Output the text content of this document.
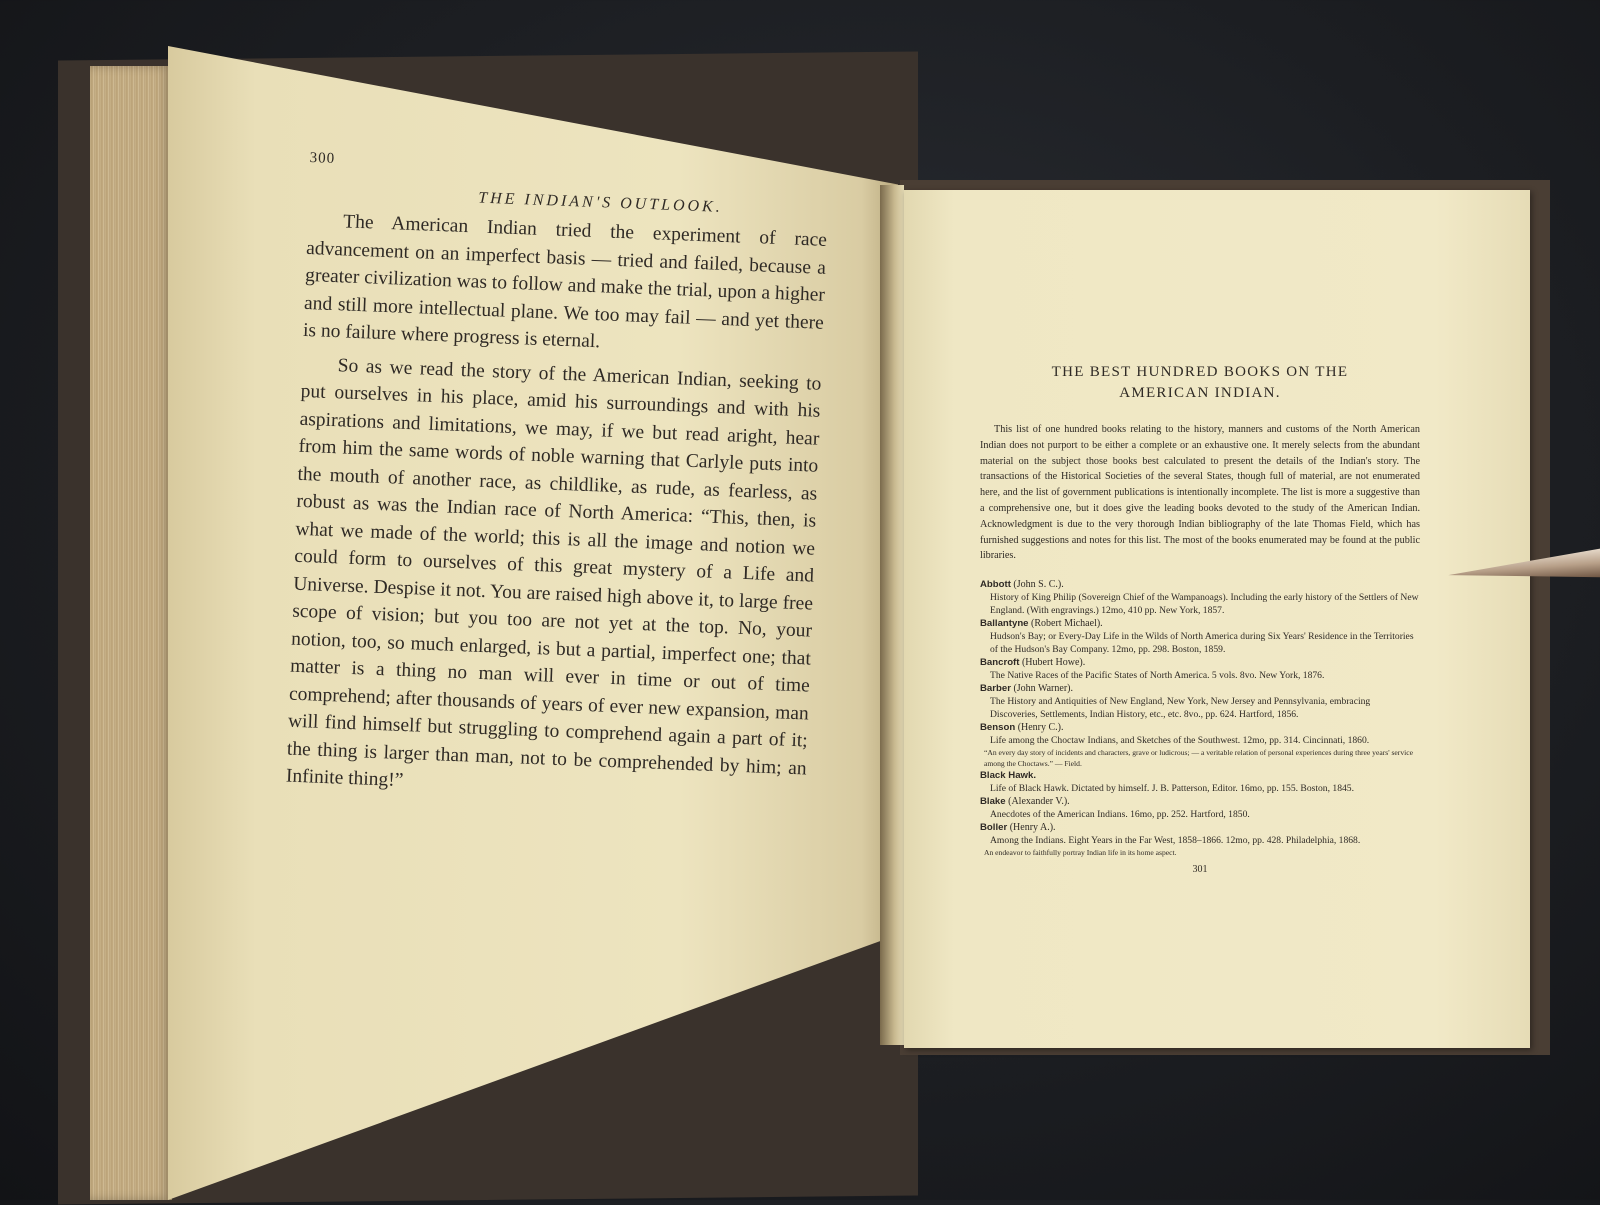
300
THE INDIAN'S OUTLOOK.

The American Indian tried the experiment of race advancement on an imperfect basis — tried and failed, because a greater civilization was to follow and make the trial, upon a higher and still more intellectual plane. We too may fail — and yet there is no failure where progress is eternal.

So as we read the story of the American Indian, seeking to put ourselves in his place, amid his surroundings and with his aspirations and limitations, we may, if we but read aright, hear from him the same words of noble warning that Carlyle puts into the mouth of another race, as childlike, as rude, as fearless, as robust as was the Indian race of North America: “This, then, is what we made of the world; this is all the image and notion we could form to ourselves of this great mystery of a Life and Universe. Despise it not. You are raised high above it, to large free scope of vision; but you too are not yet at the top. No, your notion, too, so much enlarged, is but a partial, imperfect one; that matter is a thing no man will ever in time or out of time comprehend; after thousands of years of ever new expansion, man will find himself but struggling to comprehend again a part of it; the thing is larger than man, not to be comprehended by him; an Infinite thing!”

THE BEST HUNDRED BOOKS ON THE
AMERICAN INDIAN.

This list of one hundred books relating to the history, manners and customs of the North American Indian does not purport to be either a complete or an exhaustive one. It merely selects from the abundant material on the subject those books best calculated to present the details of the Indian's story. The transactions of the Historical Societies of the several States, though full of material, are not enumerated here, and the list of government publications is intentionally incomplete. The list is more a suggestive than a comprehensive one, but it does give the leading books devoted to the study of the American Indian. Acknowledgment is due to the very thorough Indian bibliography of the late Thomas Field, which has furnished suggestions and notes for this list. The most of the books enumerated may be found at the public libraries.

Abbott (John S. C.).
History of King Philip (Sovereign Chief of the Wampanoags). Including the early history of the Settlers of New England. (With engravings.) 12mo, 410 pp. New York, 1857.
Ballantyne (Robert Michael).
Hudson's Bay; or Every-Day Life in the Wilds of North America during Six Years' Residence in the Territories of the Hudson's Bay Company. 12mo, pp. 298. Boston, 1859.
Bancroft (Hubert Howe).
The Native Races of the Pacific States of North America. 5 vols. 8vo. New York, 1876.
Barber (John Warner).
The History and Antiquities of New England, New York, New Jersey and Pennsylvania, embracing Discoveries, Settlements, Indian History, etc., etc. 8vo., pp. 624. Hartford, 1856.
Benson (Henry C.).
Life among the Choctaw Indians, and Sketches of the Southwest. 12mo, pp. 314. Cincinnati, 1860.
“An every day story of incidents and characters, grave or ludicrous; — a veritable relation of personal experiences during three years' service among the Choctaws.” — Field.
Black Hawk.
Life of Black Hawk. Dictated by himself. J. B. Patterson, Editor. 16mo, pp. 155. Boston, 1845.
Blake (Alexander V.).
Anecdotes of the American Indians. 16mo, pp. 252. Hartford, 1850.
Boller (Henry A.).
Among the Indians. Eight Years in the Far West, 1858–1866. 12mo, pp. 428. Philadelphia, 1868.
An endeavor to faithfully portray Indian life in its home aspect.
301
